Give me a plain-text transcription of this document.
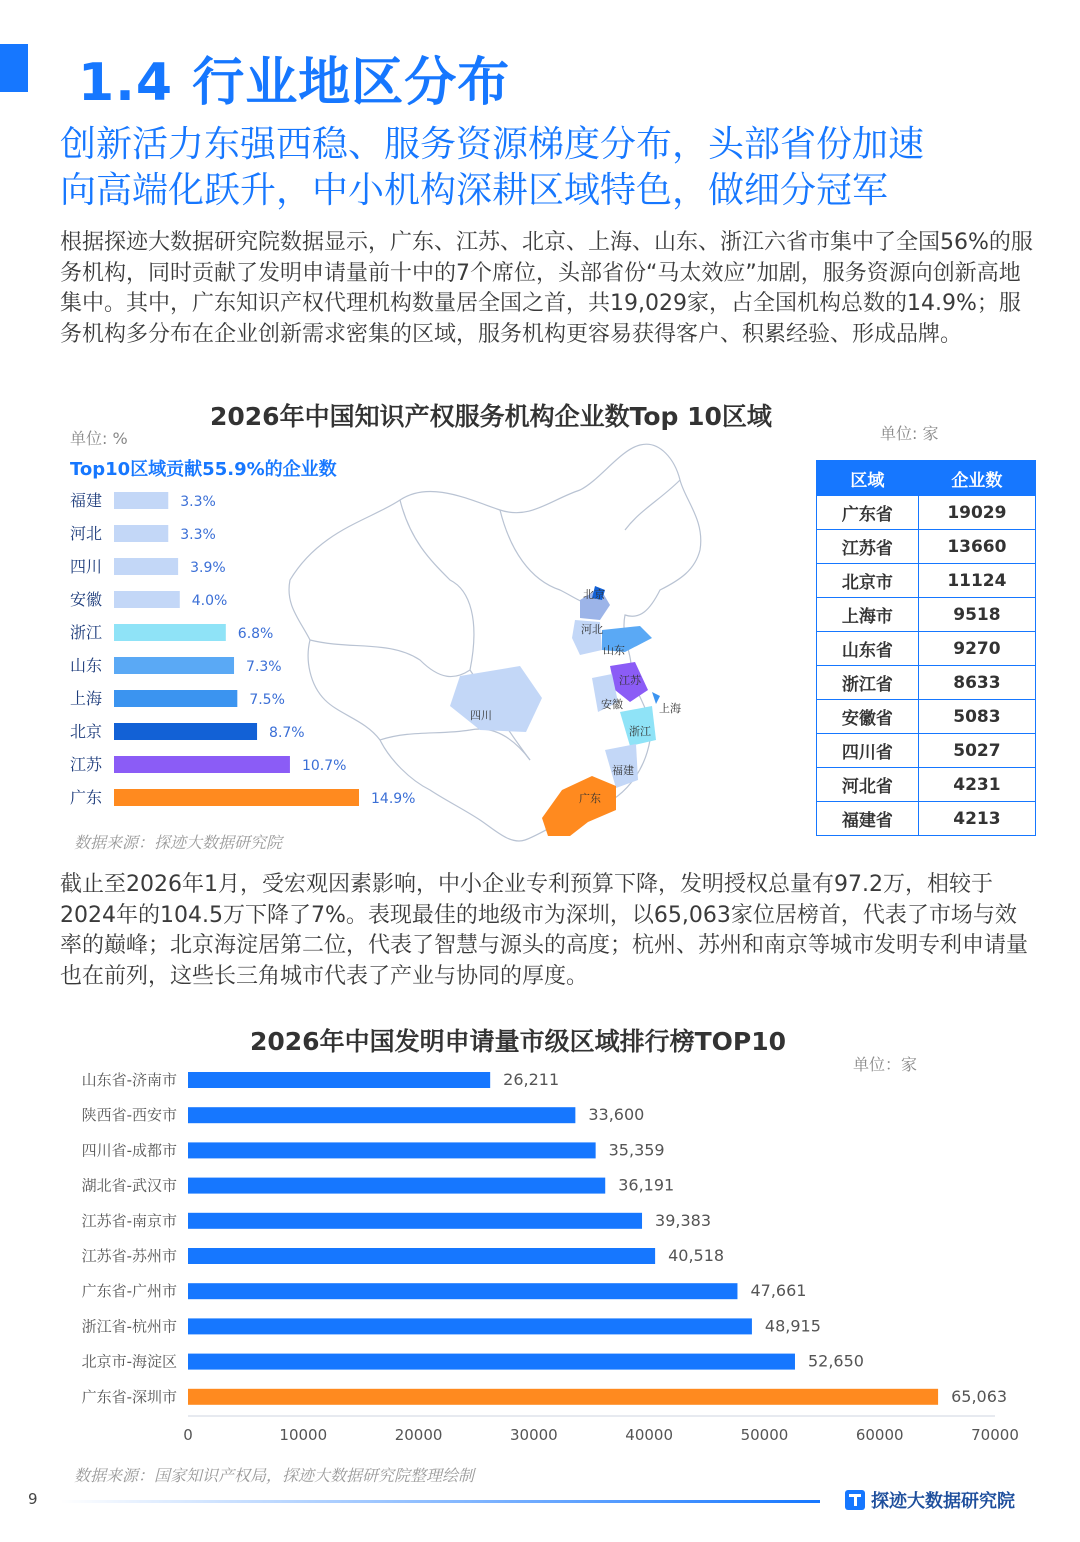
1.4 行业地区分布
创新活力东强西稳、服务资源梯度分布，头部省份加速
向高端化跃升，中小机构深耕区域特色，做细分冠军
根据探迹大数据研究院数据显示，广东、江苏、北京、上海、山东、浙江六省市集中了全国56%的服务机构，同时贡献了发明申请量前十中的7个席位，头部省份“马太效应”加剧，服务资源向创新高地集中。其中，广东知识产权代理机构数量居全国之首，共19,029家，占全国机构总数的14.9%；服务机构多分布在企业创新需求密集的区域，服务机构更容易获得客户、积累经验、形成品牌。
2026年中国知识产权服务机构企业数Top 10区域
单位: %	单位: 家
北京
河北
山东
江苏
安徽	上海
浙江
四川
福建
广东
Top10区域贡献55.9%的企业数
福建	3.3%
河北	3.3%
四川	3.9%
安徽	4.0%
浙江	6.8%
山东	7.3%
上海	7.5%
北京	8.7%
江苏	10.7%
广东	14.9%
区域	企业数
广东省	19029
江苏省	13660
北京市	11124
上海市	9518
山东省	9270
浙江省	8633
安徽省	5083
四川省	5027
河北省	4231
福建省	4213
数据来源：探迹大数据研究院
截止至2026年1月，受宏观因素影响，中小企业专利预算下降，发明授权总量有97.2万，相较于2024年的104.5万下降了7%。表现最佳的地级市为深圳，以65,063家位居榜首，代表了市场与效率的巅峰；北京海淀居第二位，代表了智慧与源头的高度；杭州、苏州和南京等城市发明专利申请量也在前列，这些长三角城市代表了产业与协同的厚度。
2026年中国发明申请量市级区域排行榜TOP10
单位：家
山东省-济南市	26,211
陕西省-西安市	33,600
四川省-成都市	35,359
湖北省-武汉市	36,191
江苏省-南京市	39,383
江苏省-苏州市	40,518
广东省-广州市	47,661
浙江省-杭州市	48,915
北京市-海淀区	52,650
广东省-深圳市	65,063
0	10000	20000	30000	40000	50000	60000	70000
数据来源：国家知识产权局，探迹大数据研究院整理绘制
9	探迹大数据研究院
